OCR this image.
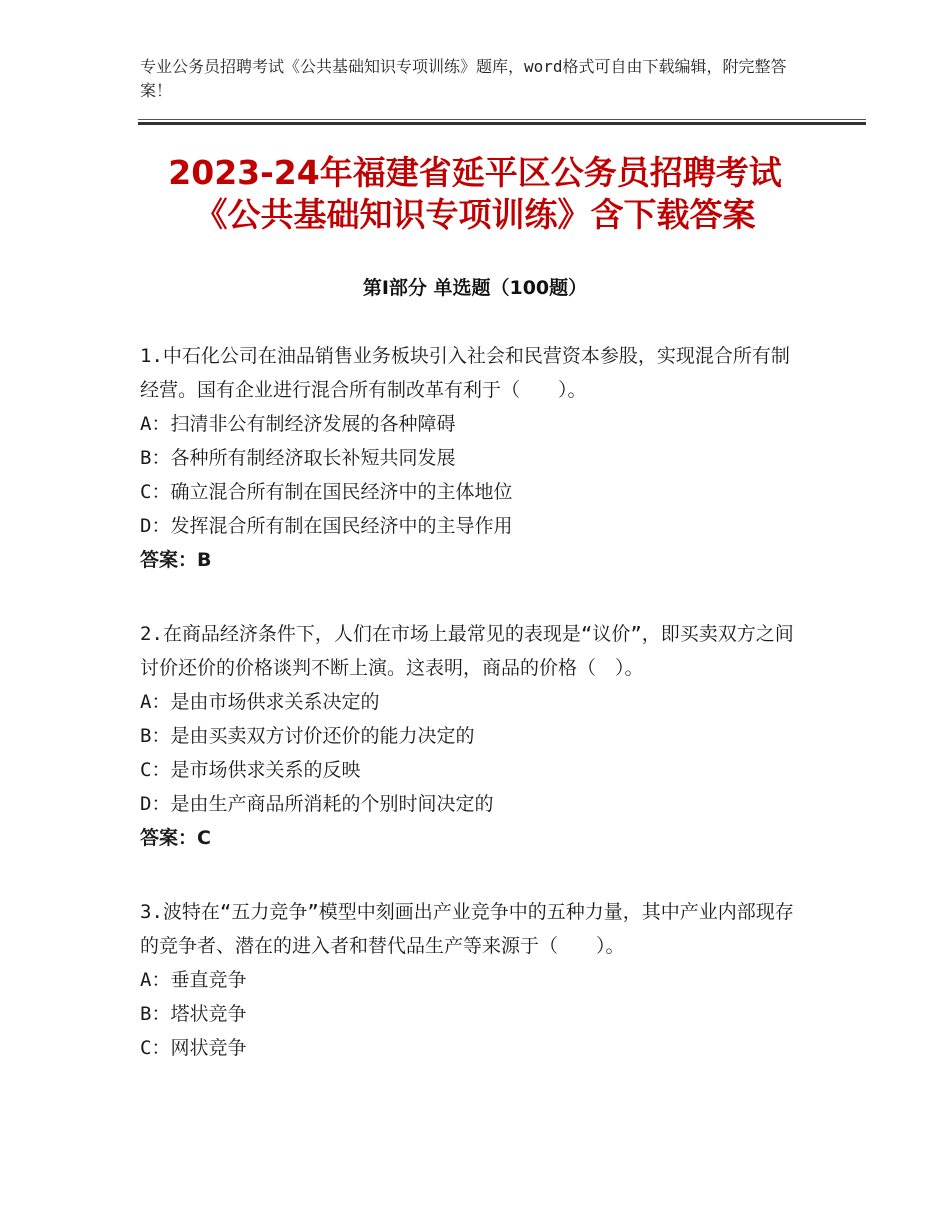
专业公务员招聘考试《公共基础知识专项训练》题库，word格式可自由下载编辑，附完整答案！
2023-24年福建省延平区公务员招聘考试
《公共基础知识专项训练》含下载答案
第Ⅰ部分 单选题（100题）
1.中石化公司在油品销售业务板块引入社会和民营资本参股，实现混合所有制经营。国有企业进行混合所有制改革有利于（　　）。
A：扫清非公有制经济发展的各种障碍
B：各种所有制经济取长补短共同发展
C：确立混合所有制在国民经济中的主体地位
D：发挥混合所有制在国民经济中的主导作用
答案：B
2.在商品经济条件下，人们在市场上最常见的表现是“议价”，即买卖双方之间讨价还价的价格谈判不断上演。这表明，商品的价格（　）。
A：是由市场供求关系决定的
B：是由买卖双方讨价还价的能力决定的
C：是市场供求关系的反映
D：是由生产商品所消耗的个别时间决定的
答案：C
3.波特在“五力竞争”模型中刻画出产业竞争中的五种力量，其中产业内部现存的竞争者、潜在的进入者和替代品生产等来源于（　　）。
A：垂直竞争
B：塔状竞争
C：网状竞争
